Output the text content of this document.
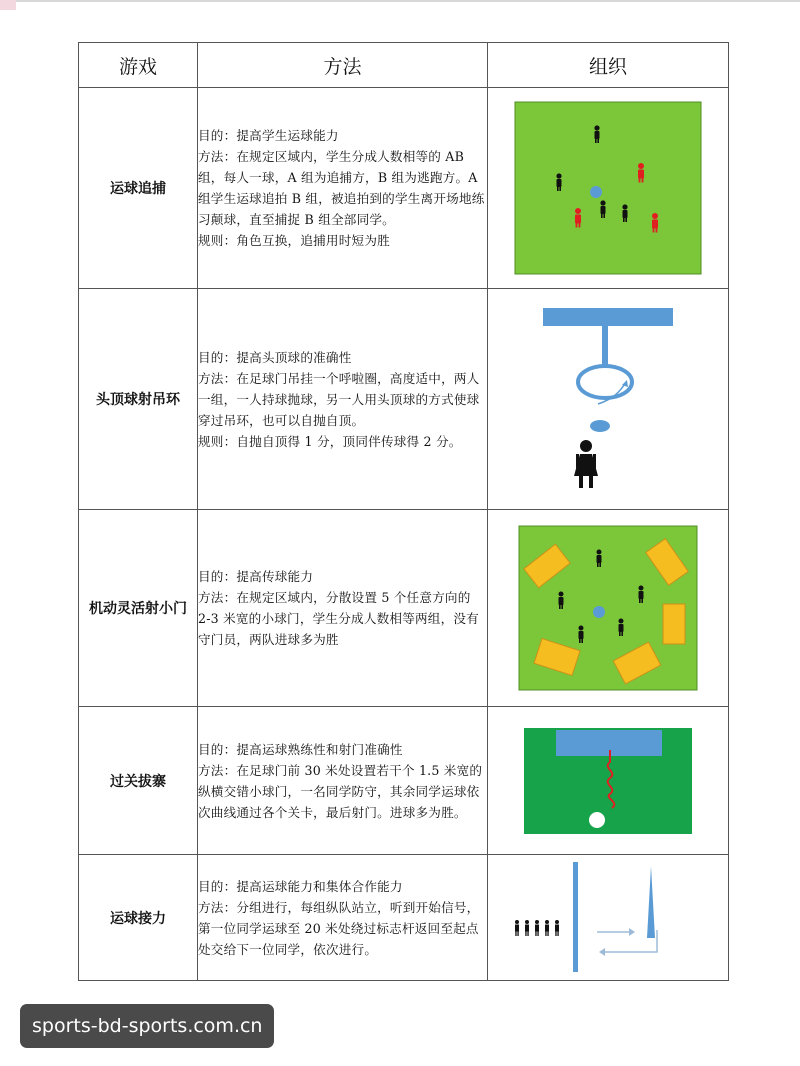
游戏	方法	组织
运球追捕	目的：提高学生运球能力

方法：在规定区域内，学生分成人数相等的 AB 组，每人一球，A 组为追捕方，B 组为逃跑方。A 组学生运球追拍 B 组，被追拍到的学生离开场地练习颠球，直至捕捉 B 组全部同学。

规则：角色互换，追捕用时短为胜

头顶球射吊环	目的：提高头顶球的准确性

方法：在足球门吊挂一个呼啦圈，高度适中，两人一组，一人持球抛球，另一人用头顶球的方式使球穿过吊环，也可以自抛自顶。

规则：自抛自顶得 1 分，顶同伴传球得 2 分。

机动灵活射小门	目的：提高传球能力

方法：在规定区域内，分散设置 5 个任意方向的 2-3 米宽的小球门，学生分成人数相等两组，没有守门员，两队进球多为胜

过关拔寨	目的：提高运球熟练性和射门准确性

方法：在足球门前 30 米处设置若干个 1.5 米宽的纵横交错小球门，一名同学防守，其余同学运球依次曲线通过各个关卡，最后射门。进球多为胜。

运球接力	目的：提高运球能力和集体合作能力

方法：分组进行，每组纵队站立，听到开始信号，第一位同学运球至 20 米处绕过标志杆返回至起点处交给下一位同学，依次进行。

sports-bd-sports.com.cn
